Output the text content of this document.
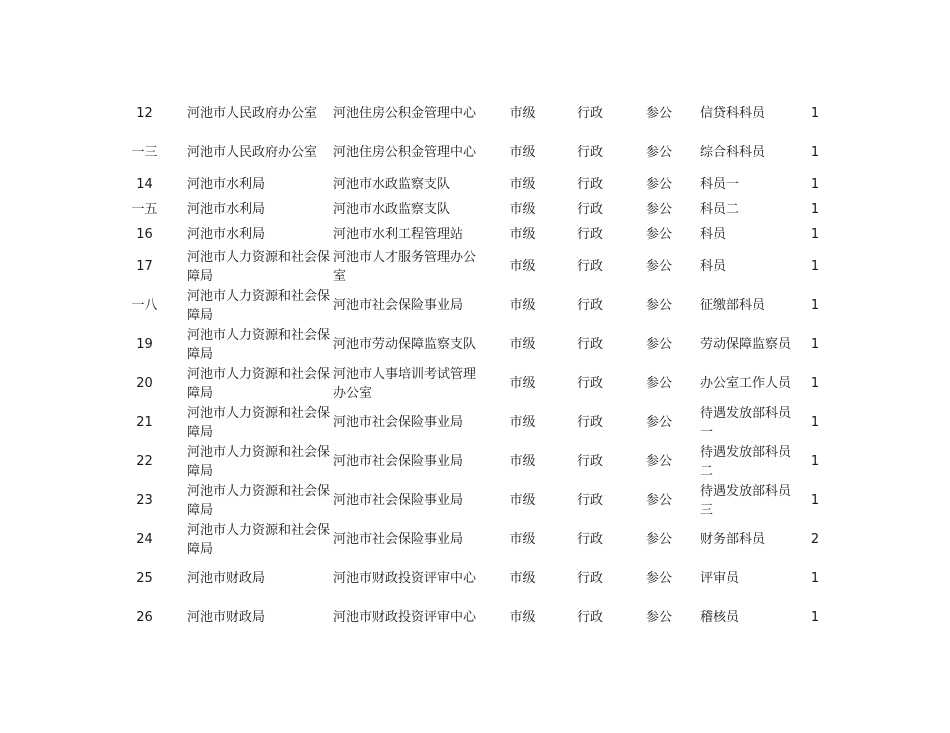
12	河池市人民政府办公室	河池住房公积金管理中心	市级	行政	参公	信贷科科员	1
一三	河池市人民政府办公室	河池住房公积金管理中心	市级	行政	参公	综合科科员	1
14	河池市水利局	河池市水政监察支队	市级	行政	参公	科员一	1
一五	河池市水利局	河池市水政监察支队	市级	行政	参公	科员二	1
16	河池市水利局	河池市水利工程管理站	市级	行政	参公	科员	1
17	河池市人力资源和社会保障局	河池市人才服务管理办公室	市级	行政	参公	科员	1
一八	河池市人力资源和社会保障局	河池市社会保险事业局	市级	行政	参公	征缴部科员	1
19	河池市人力资源和社会保障局	河池市劳动保障监察支队	市级	行政	参公	劳动保障监察员	1
20	河池市人力资源和社会保障局	河池市人事培训考试管理办公室	市级	行政	参公	办公室工作人员	1
21	河池市人力资源和社会保障局	河池市社会保险事业局	市级	行政	参公	待遇发放部科员一	1
22	河池市人力资源和社会保障局	河池市社会保险事业局	市级	行政	参公	待遇发放部科员二	1
23	河池市人力资源和社会保障局	河池市社会保险事业局	市级	行政	参公	待遇发放部科员三	1
24	河池市人力资源和社会保障局	河池市社会保险事业局	市级	行政	参公	财务部科员	2
25	河池市财政局	河池市财政投资评审中心	市级	行政	参公	评审员	1
26	河池市财政局	河池市财政投资评审中心	市级	行政	参公	稽核员	1
